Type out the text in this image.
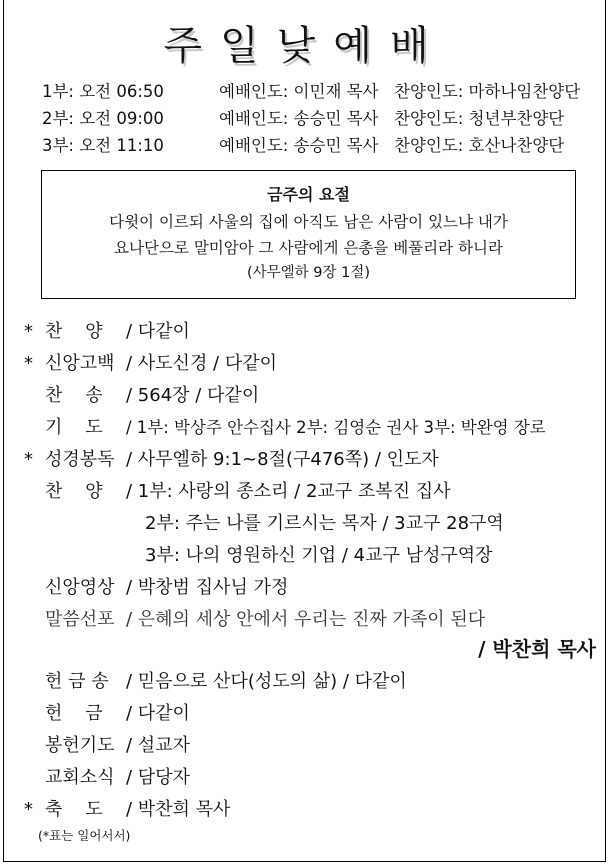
주일낮예배
1부: 오전 06:50	예배인도: 이민재 목사 찬양인도: 마하나임찬양단
2부: 오전 09:00	예배인도: 송승민 목사 찬양인도: 청년부찬양단
3부: 오전 11:10	예배인도: 송승민 목사 찬양인도: 호산나찬양단
금주의 요절
다윗이 이르되 사울의 집에 아직도 남은 사람이 있느냐 내가
요나단으로 말미암아 그 사람에게 은총을 베풀리라 하니라
(사무엘하 9장 1절)
* 찬    양 / 다같이
* 신앙고백 / 사도신경 / 다같이
찬    송 / 564장 / 다같이
기    도 / 1부: 박상주 안수집사 2부: 김영순 권사 3부: 박완영 장로
* 성경봉독 / 사무엘하 9:1~8절(구476쪽) / 인도자
찬    양 / 1부: 사랑의 종소리 / 2교구 조복진 집사
2부: 주는 나를 기르시는 목자 / 3교구 28구역
3부: 나의 영원하신 기업 / 4교구 남성구역장
신앙영상 / 박창범 집사님 가정
말씀선포 / 은혜의 세상 안에서 우리는 진짜 가족이 된다
/ 박찬희 목사
헌 금 송 / 믿음으로 산다(성도의 삶) / 다같이
헌    금 / 다같이
봉헌기도 / 설교자
교회소식 / 담당자
* 축    도 / 박찬희 목사
(*표는 일어서서)
